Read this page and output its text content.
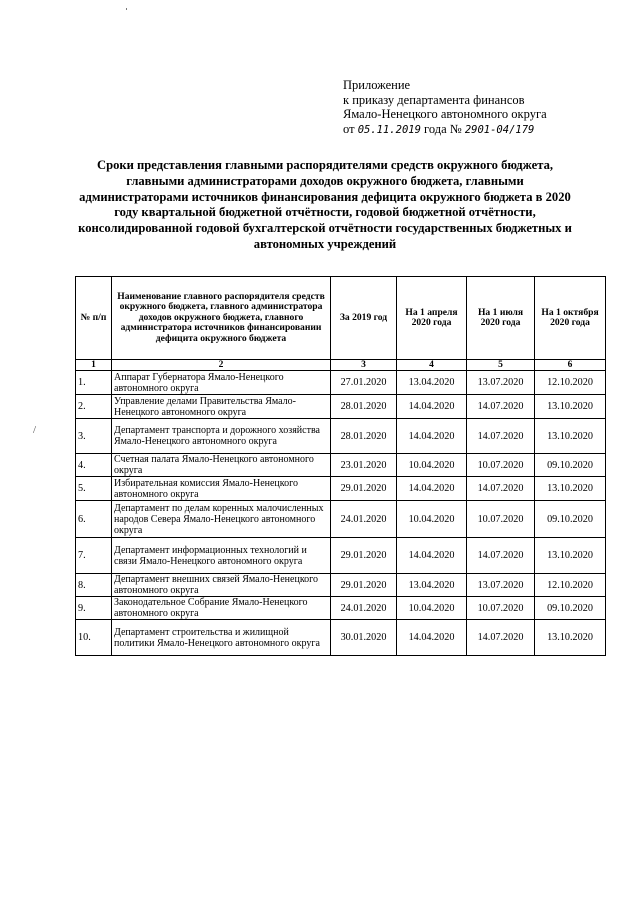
Приложение
к приказу департамента финансов
Ямало-Ненецкого автономного округа
от 05.11.2019 года № 2901-04/179
Сроки представления главными распорядителями средств окружного бюджета, главными администраторами доходов окружного бюджета, главными администраторами источников финансирования дефицита окружного бюджета в 2020 году квартальной бюджетной отчётности, годовой бюджетной отчётности, консолидированной годовой бухгалтерской отчётности государственных бюджетных и автономных учреждений
/
№ п/п	Наименование главного распорядителя средств окружного бюджета, главного администратора доходов окружного бюджета, главного администратора источников финансировании дефицита окружного бюджета	За 2019 год	На 1 апреля 2020 года	На 1 июля 2020 года	На 1 октября 2020 года
1	2	3	4	5	6
1.	Аппарат Губернатора Ямало-Ненецкого автономного округа	27.01.2020	13.04.2020	13.07.2020	12.10.2020
2.	Управление делами Правительства Ямало-Ненецкого автономного округа	28.01.2020	14.04.2020	14.07.2020	13.10.2020
3.	Департамент транспорта и дорожного хозяйства Ямало-Ненецкого автономного округа	28.01.2020	14.04.2020	14.07.2020	13.10.2020
4.	Счетная палата Ямало-Ненецкого автономного округа	23.01.2020	10.04.2020	10.07.2020	09.10.2020
5.	Избирательная комиссия Ямало-Ненецкого автономного округа	29.01.2020	14.04.2020	14.07.2020	13.10.2020
6.	Департамент по делам коренных малочисленных народов Севера Ямало-Ненецкого автономного округа	24.01.2020	10.04.2020	10.07.2020	09.10.2020
7.	Департамент информационных технологий и связи Ямало-Ненецкого автономного округа	29.01.2020	14.04.2020	14.07.2020	13.10.2020
8.	Департамент внешних связей Ямало-Ненецкого автономного округа	29.01.2020	13.04.2020	13.07.2020	12.10.2020
9.	Законодательное Собрание Ямало-Ненецкого автономного округа	24.01.2020	10.04.2020	10.07.2020	09.10.2020
10.	Департамент строительства и жилищной политики Ямало-Ненецкого автономного округа	30.01.2020	14.04.2020	14.07.2020	13.10.2020
